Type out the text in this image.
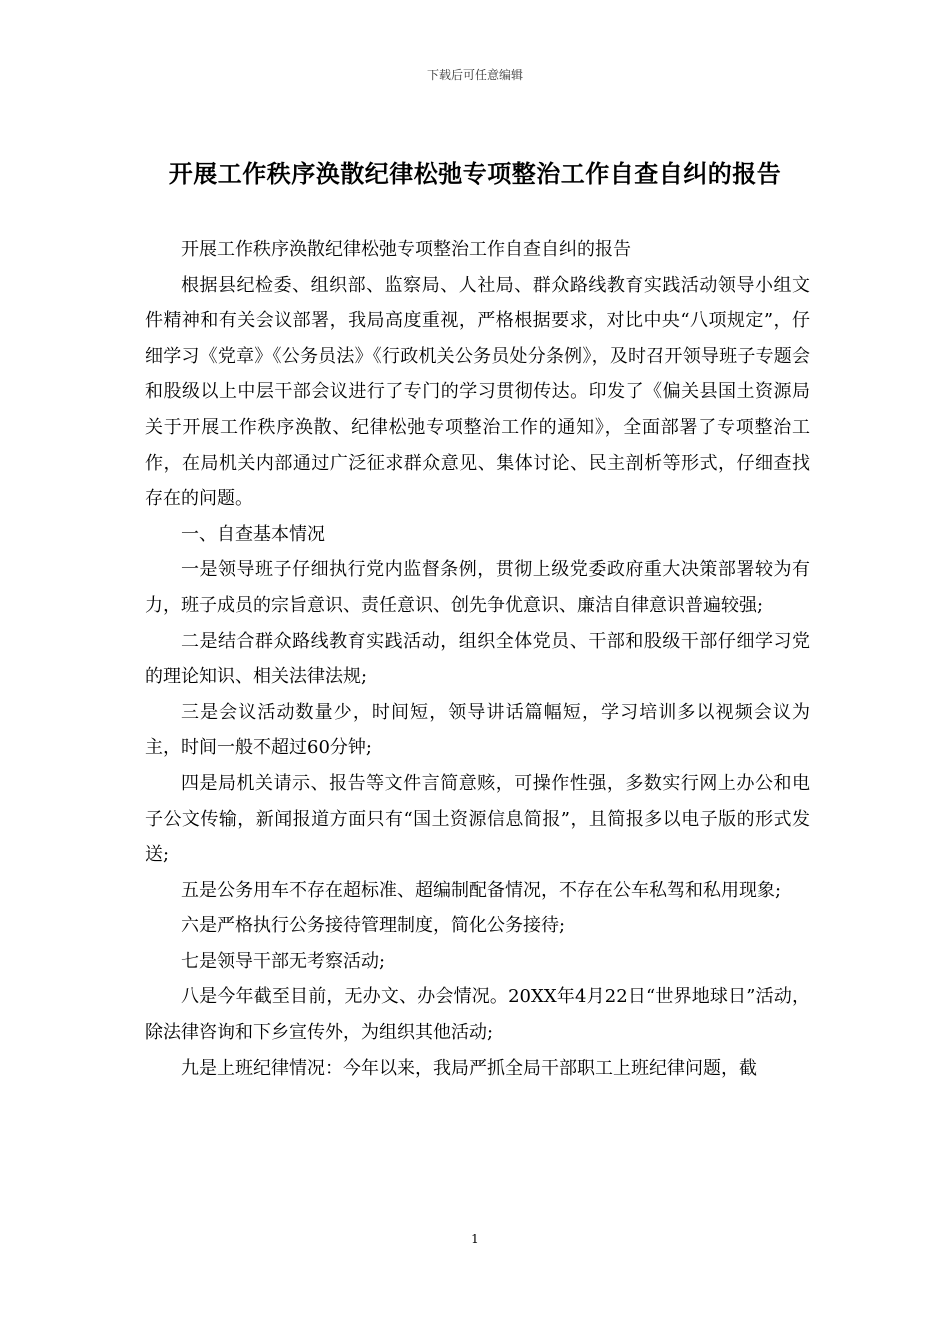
下载后可任意编辑
开展工作秩序涣散纪律松弛专项整治工作自查自纠的报告

开展工作秩序涣散纪律松弛专项整治工作自查自纠的报告

根据县纪检委、组织部、监察局、人社局、群众路线教育实践活动领导小组文件精神和有关会议部署，我局高度重视，严格根据要求，对比中央“八项规定”，仔细学习《党章》《公务员法》《行政机关公务员处分条例》，及时召开领导班子专题会和股级以上中层干部会议进行了专门的学习贯彻传达。印发了《偏关县国土资源局关于开展工作秩序涣散、纪律松弛专项整治工作的通知》，全面部署了专项整治工作，在局机关内部通过广泛征求群众意见、集体讨论、民主剖析等形式，仔细查找存在的问题。

一、自查基本情况

一是领导班子仔细执行党内监督条例，贯彻上级党委政府重大决策部署较为有力，班子成员的宗旨意识、责任意识、创先争优意识、廉洁自律意识普遍较强;

二是结合群众路线教育实践活动，组织全体党员、干部和股级干部仔细学习党的理论知识、相关法律法规;

三是会议活动数量少，时间短，领导讲话篇幅短，学习培训多以视频会议为主，时间一般不超过60分钟;

四是局机关请示、报告等文件言简意赅，可操作性强，多数实行网上办公和电子公文传输，新闻报道方面只有“国土资源信息简报”，且简报多以电子版的形式发送;

五是公务用车不存在超标准、超编制配备情况，不存在公车私驾和私用现象;

六是严格执行公务接待管理制度，简化公务接待;

七是领导干部无考察活动;

八是今年截至目前，无办文、办会情况。20XX年4月22日“世界地球日”活动，除法律咨询和下乡宣传外，为组织其他活动;

九是上班纪律情况：今年以来，我局严抓全局干部职工上班纪律问题，截

1
